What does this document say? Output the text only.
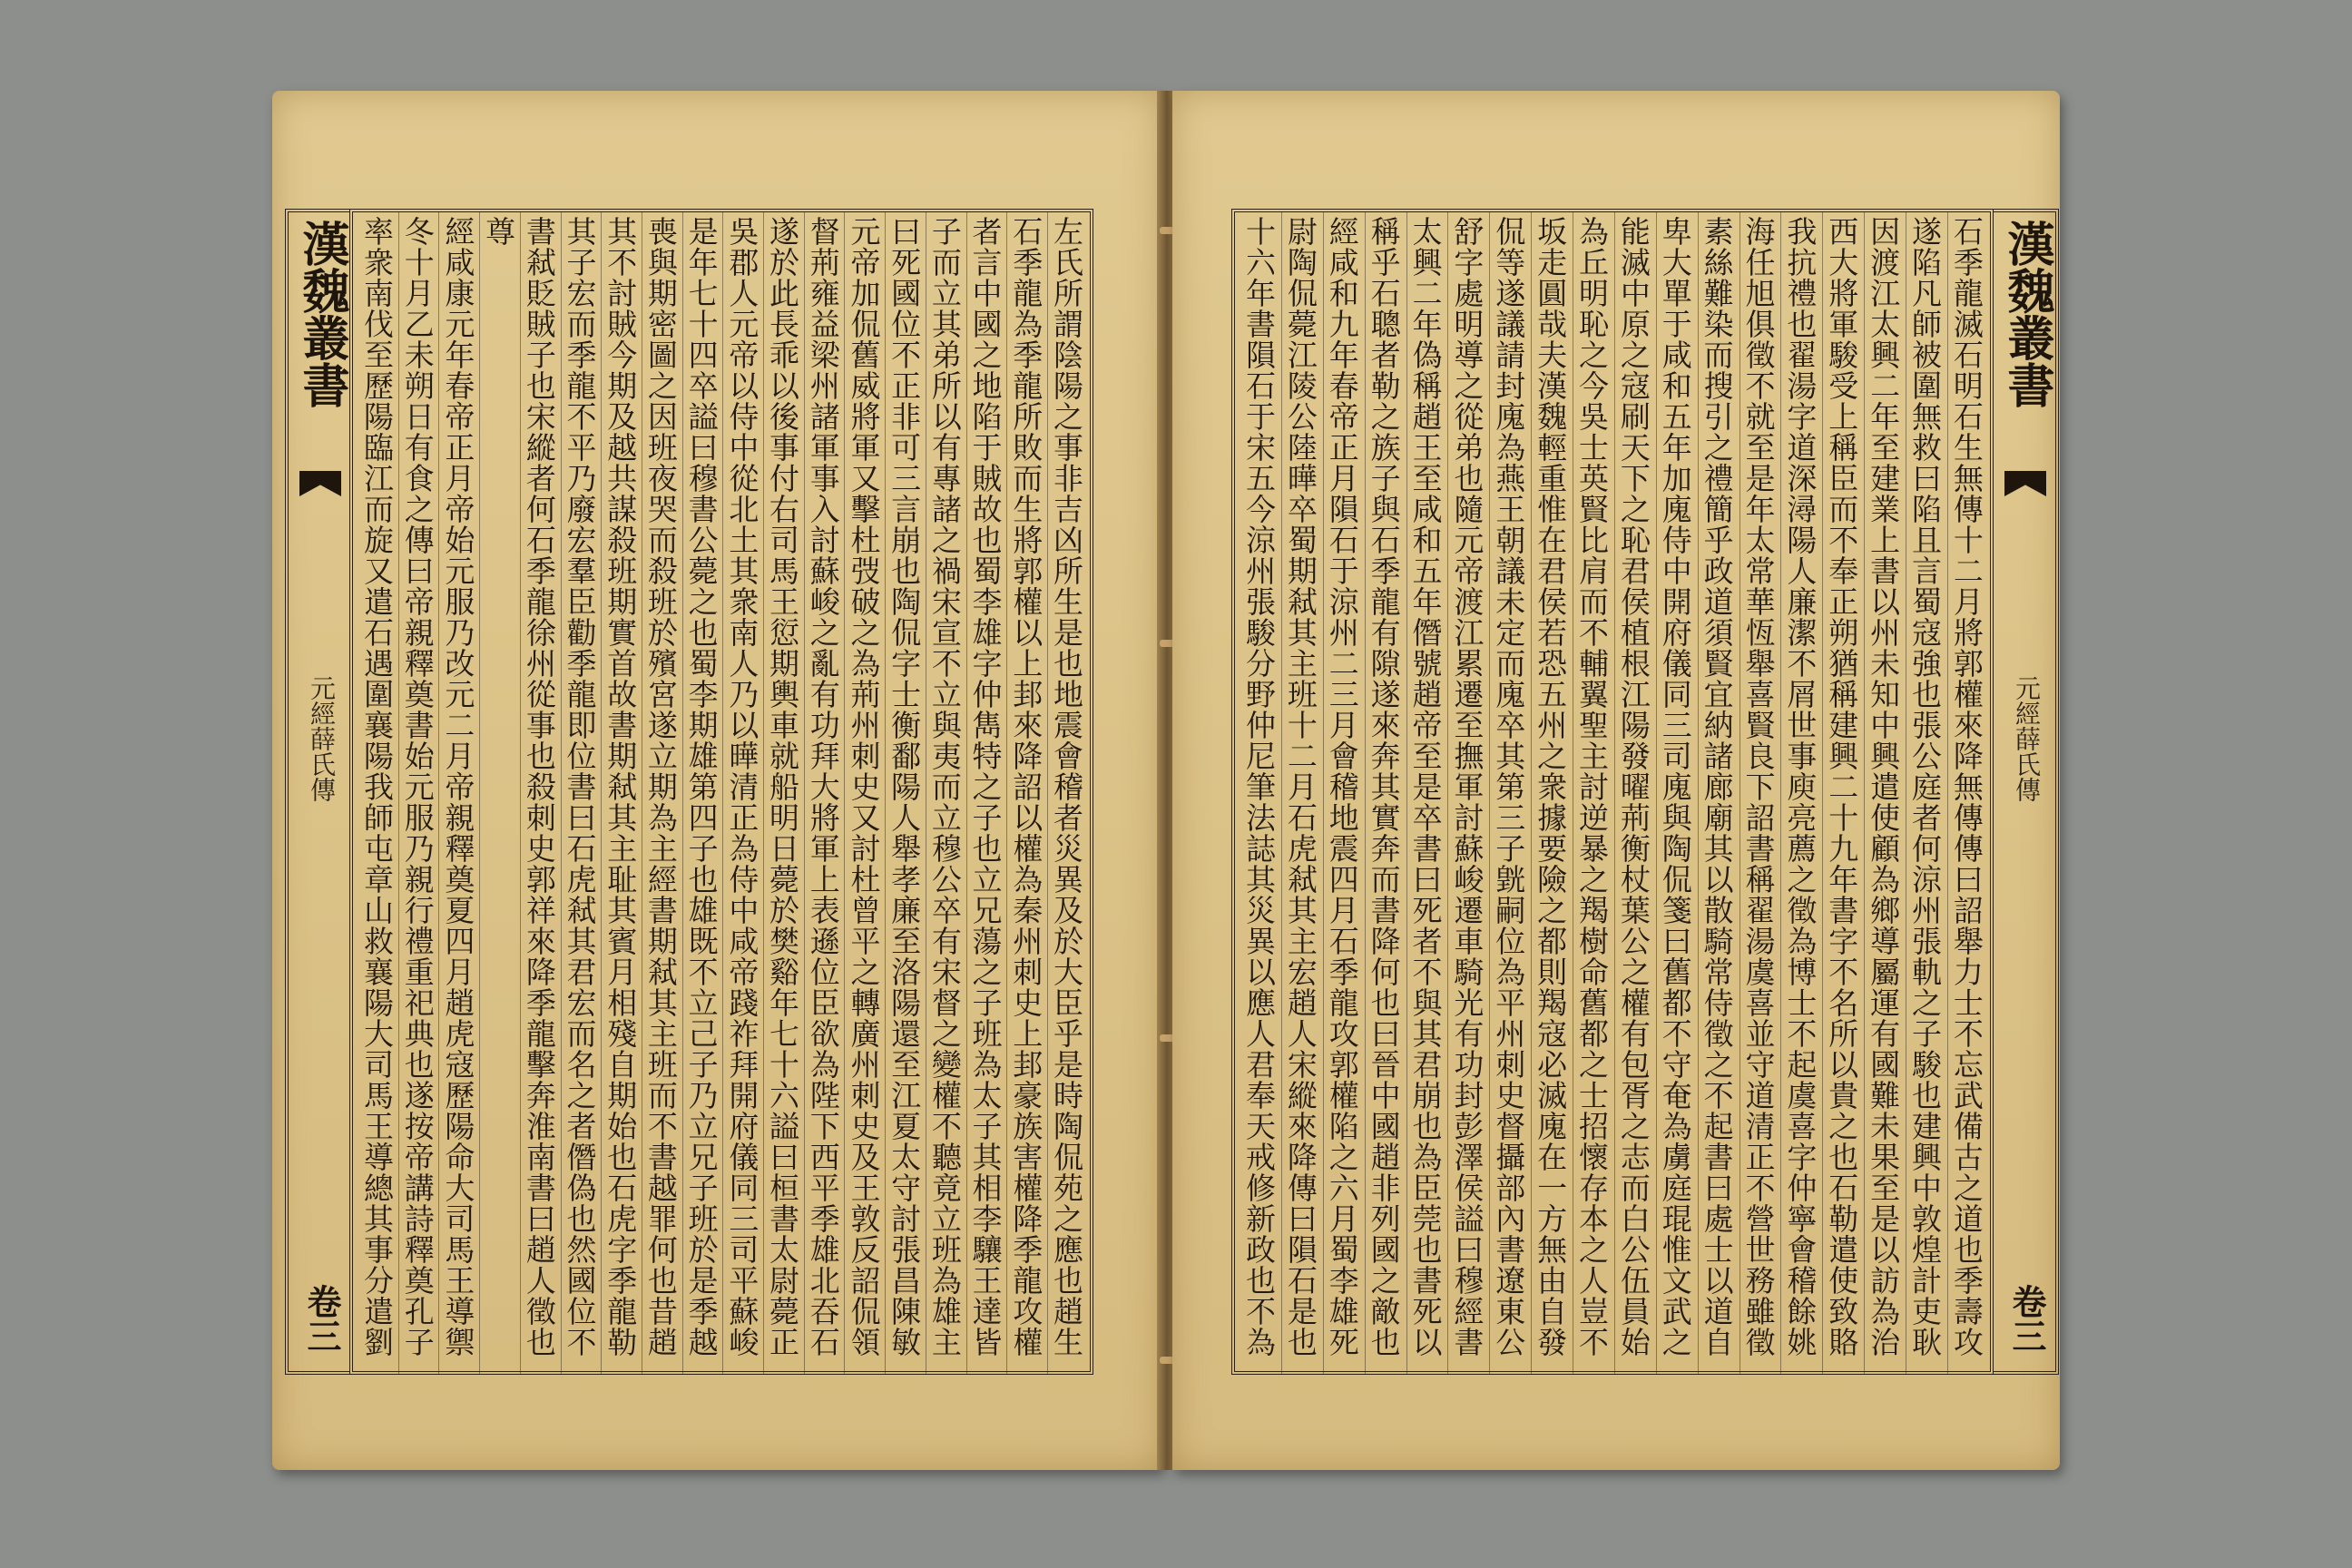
漢魏叢書
元經薛氏傳
卷三
左氏所謂陰陽之事非吉凶所生是也地震會稽者災異及於大臣乎是時陶侃苑之應也趙生
石季龍為季龍所敗而生將郭權以上邽來降詔以權為秦州刺史上邽豪族害權降季龍攻權
者言中國之地陷于賊故也蜀李雄字仲雋特之子也立兄蕩之子班為太子其相李驤王達皆
子而立其弟所以有專諸之禍宋宣不立與夷而立穆公卒有宋督之變權不聽竟立班為雄主
曰死國位不正非可三言崩也陶侃字士衡鄱陽人舉孝廉至洛陽還至江夏太守討張昌陳敏
元帝加侃舊威將軍又擊杜弢破之為荊州刺史又討杜曾平之轉廣州刺史及王敦反詔侃領
督荊雍益梁州諸軍事入討蘇峻之亂有功拜大將軍上表遜位臣欲為陛下西平季雄北吞石
遂於此長乖以後事付右司馬王愆期輿車就船明日薨於樊谿年七十六謚曰桓書太尉薨正
吳郡人元帝以侍中從北土其衆南人乃以曄清正為侍中咸帝踐祚拜開府儀同三司平蘇峻
是年七十四卒謚曰穆書公薨之也蜀李期雄第四子也雄既不立己子乃立兄子班於是季越
喪與期密圖之因班夜哭而殺班於殯宮遂立期為主經書期弒其主班而不書越罪何也昔趙
其不討賊今期及越共謀殺班期實首故書期弒其主耻其賓月相殘自期始也石虎字季龍勒
其子宏而季龍不平乃廢宏羣臣勸季龍即位書曰石虎弒其君宏而名之者僭偽也然國位不
書弒貶賊子也宋縱者何石季龍徐州從事也殺刺史郭祥來降季龍擊奔淮南書曰趙人徵也
尊
經咸康元年春帝正月帝始元服乃改元二月帝親釋奠夏四月趙虎寇歷陽命大司馬王導禦
冬十月乙未朔日有食之傳曰帝親釋奠書始元服乃親行禮重祀典也遂按帝講詩釋奠孔子
率衆南伐至歷陽臨江而旋又遣石遇圍襄陽我師屯章山救襄陽大司馬王導總其事分遣劉
石季龍滅石明石生無傳十二月將郭權來降無傳傳曰詔舉力士不忘武備古之道也季壽攻
遂陷凡師被圍無救曰陷且言蜀寇強也張公庭者何涼州張軌之子駿也建興中敦煌計吏耿
因渡江太興二年至建業上書以州未知中興遣使顧為鄉導屬運有國難未果至是以訪為治
西大將軍駿受上稱臣而不奉正朔猶稱建興二十九年書字不名所以貴之也石勒遣使致賂
我抗禮也翟湯字道深潯陽人廉潔不屑世事庾亮薦之徵為博士不起虞喜字仲寧會稽餘姚
海任旭俱徵不就至是年太常華恆舉喜賢良下詔書稱翟湯虞喜並守道清正不營世務雖徵
素絲難染而搜引之禮簡乎政道須賢宜納諸廊廟其以散騎常侍徵之不起書曰處士以道自
卑大單于咸和五年加廆侍中開府儀同三司廆與陶侃箋曰舊都不守奄為虜庭琨惟文武之
能滅中原之寇刷天下之恥君侯植根江陽發曜荊衡杖葉公之權有包胥之志而白公伍員始
為丘明恥之今吳士英賢比肩而不輔翼聖主討逆暴之羯樹命舊都之士招懷存本之人豈不
坂走圓哉夫漢魏輕重惟在君侯若恐五州之衆據要險之都則羯寇必滅廆在一方無由自發
侃等遂議請封廆為燕王朝議未定而廆卒其第三子皝嗣位為平州刺史督攝部內書遼東公
舒字處明導之從弟也隨元帝渡江累遷至撫軍討蘇峻遷車騎光有功封彭澤侯謚曰穆經書
太興二年偽稱趙王至咸和五年僭號趙帝至是卒書曰死者不與其君崩也為臣莞也書死以
稱乎石聰者勒之族子與石季龍有隙遂來奔其實奔而書降何也曰晉中國趙非列國之敵也
經咸和九年春帝正月隕石于涼州二三月會稽地震四月石季龍攻郭權陷之六月蜀李雄死
尉陶侃薨江陵公陸曄卒蜀期弒其主班十二月石虎弒其主宏趙人宋縱來降傳曰隕石是也
十六年書隕石于宋五今涼州張駿分野仲尼筆法誌其災異以應人君奉天戒修新政也不為
漢魏叢書
元經薛氏傳
卷三
